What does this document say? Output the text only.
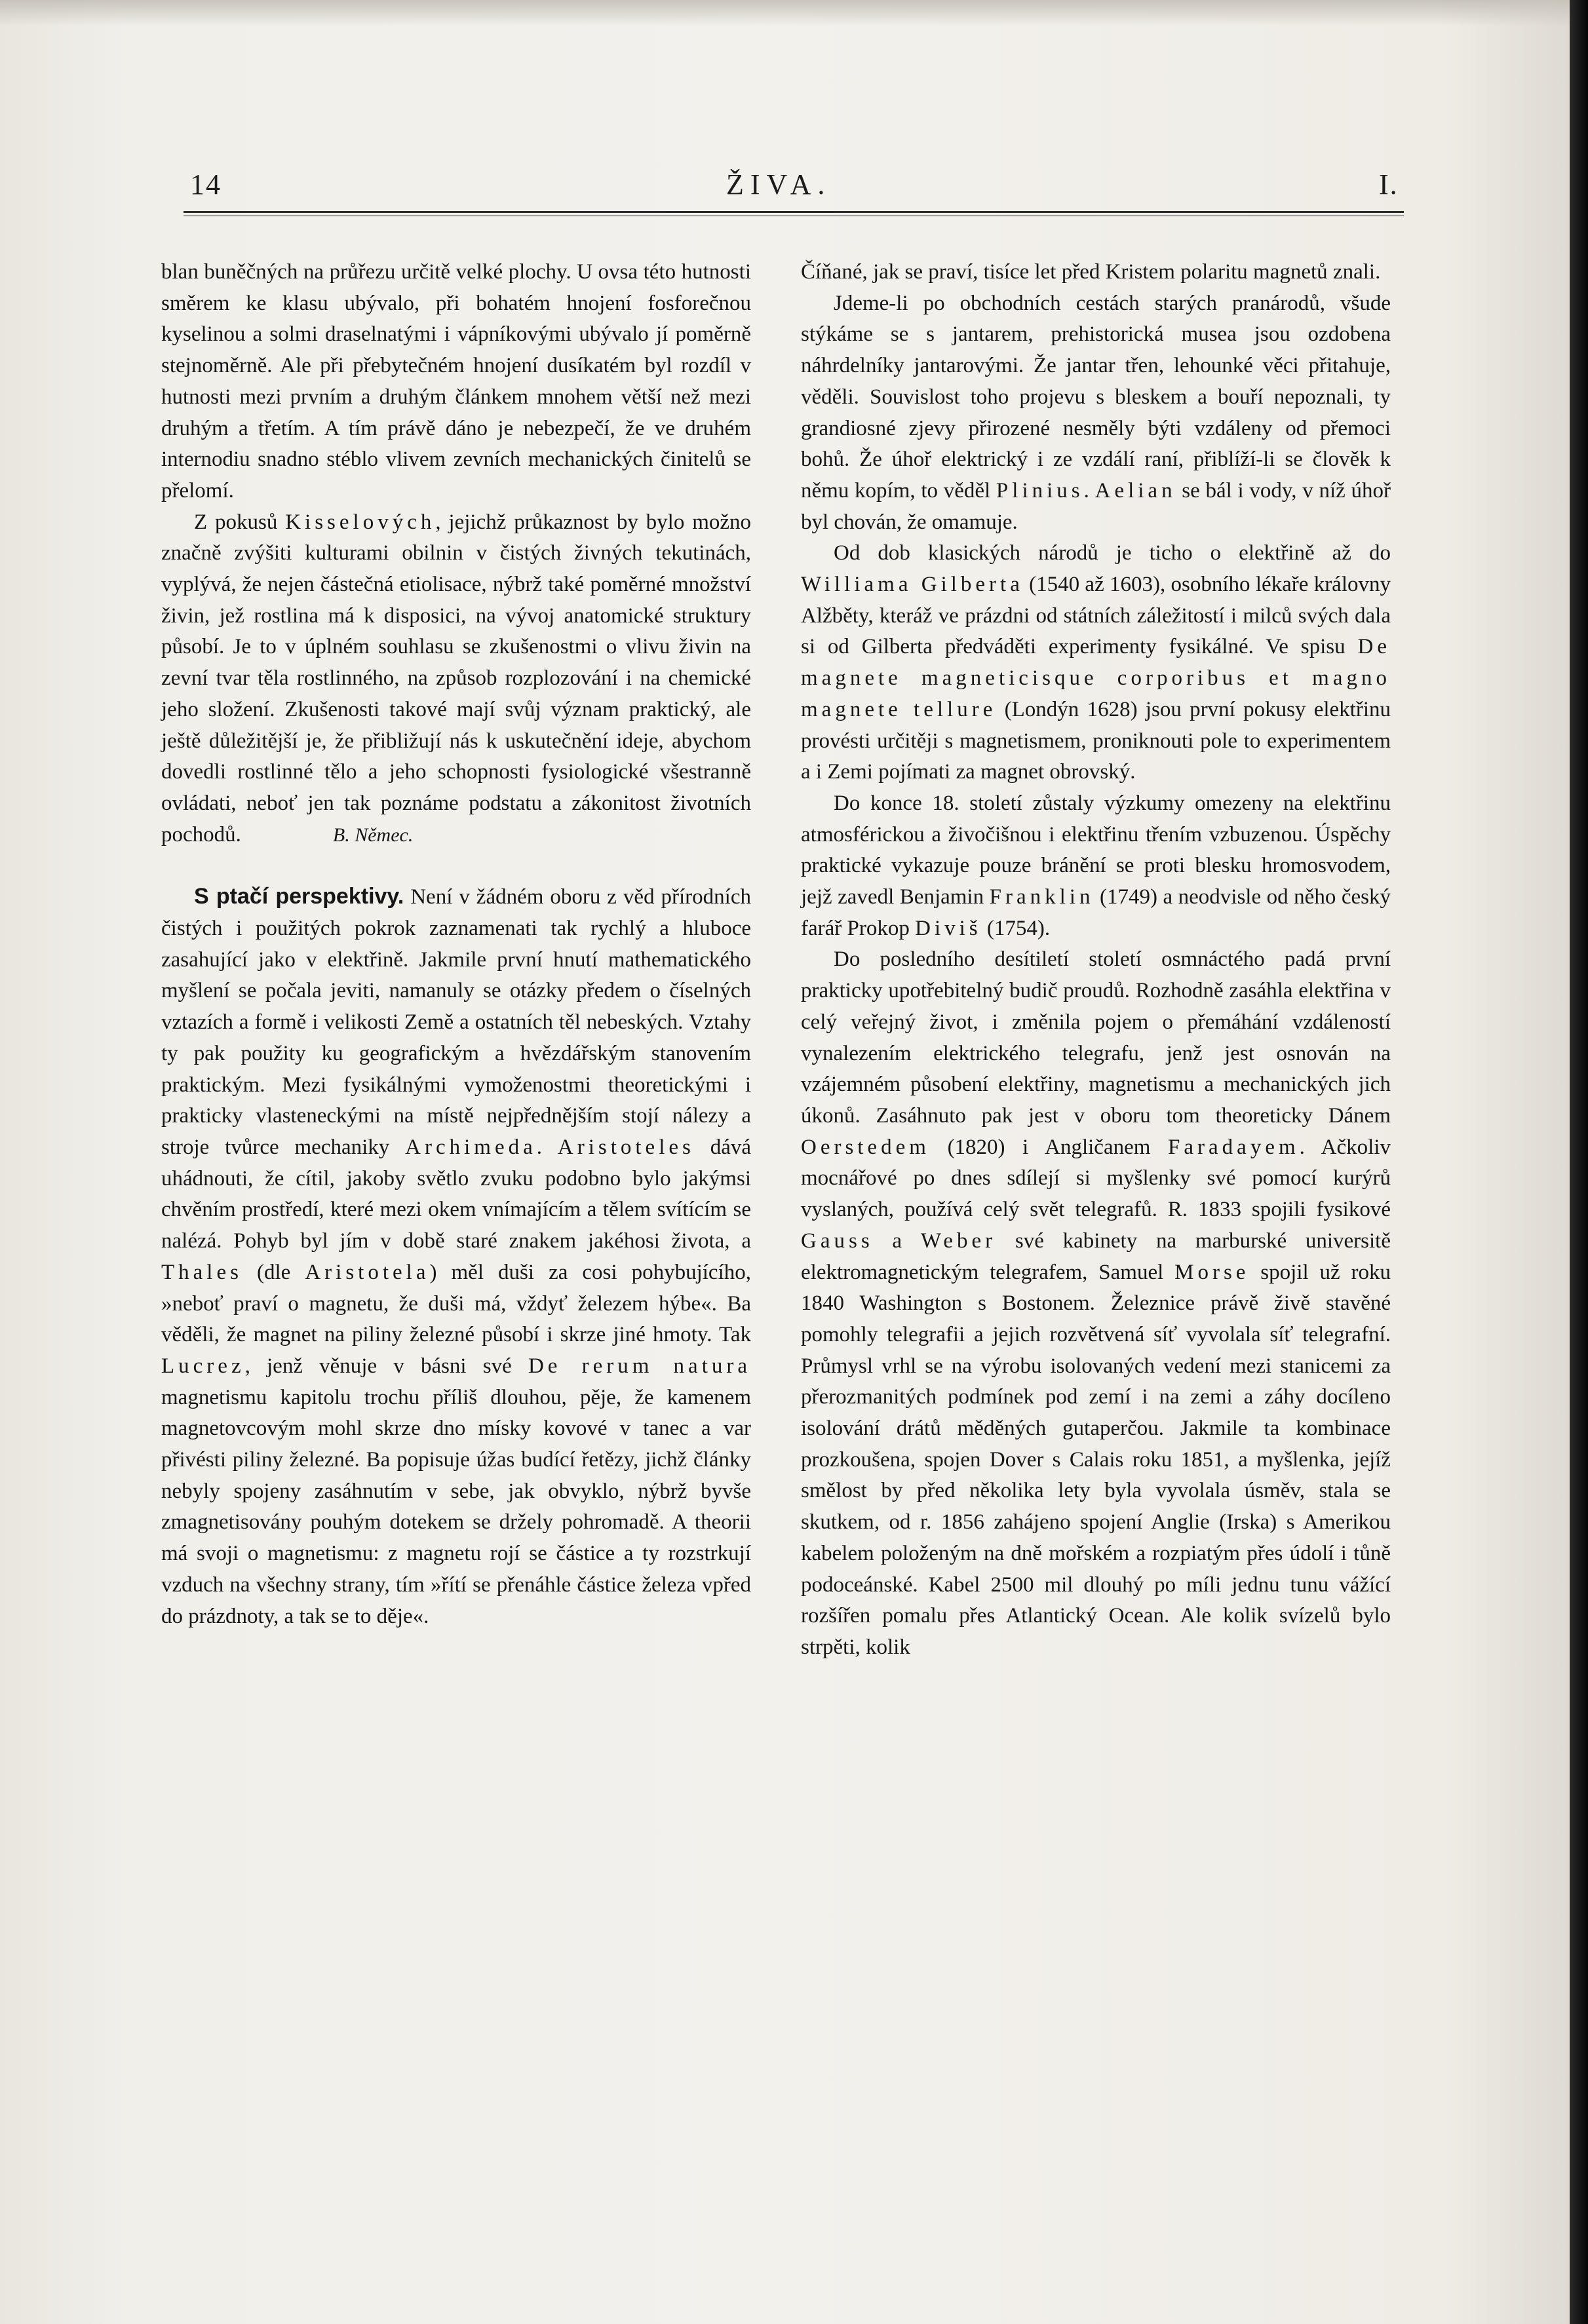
14	ŽIVA.	I.

blan buněčných na průřezu určitě velké plochy. U ovsa této hutnosti směrem ke klasu ubývalo, při bohatém hnojení fosforečnou kyselinou a solmi draselnatými i vápníkovými ubývalo jí poměrně stejnoměrně. Ale při přebytečném hnojení dusíkatém byl rozdíl v hutnosti mezi prvním a druhým článkem mnohem větší než mezi druhým a třetím. A tím právě dáno je nebezpečí, že ve druhém internodiu snadno stéblo vlivem zevních mechanických činitelů se přelomí.

Z pokusů Kisselových, jejichž průkaznost by bylo možno značně zvýšiti kulturami obilnin v čistých živných tekutinách, vyplývá, že nejen částečná etiolisace, nýbrž také poměrné množství živin, jež rostlina má k disposici, na vývoj anatomické struktury působí. Je to v úplném souhlasu se zkušenostmi o vlivu živin na zevní tvar těla rostlinného, na způsob rozplozování i na chemické jeho složení. Zkušenosti takové mají svůj význam praktický, ale ještě důležitější je, že přibližují nás k uskutečnění ideje, abychom dovedli rostlinné tělo a jeho schopnosti fysiologické všestranně ovládati, neboť jen tak poznáme podstatu a zákonitost životních pochodů.	B. Němec.

S ptačí perspektivy. Není v žádném oboru z věd přírodních čistých i použitých pokrok zaznamenati tak rychlý a hluboce zasahující jako v elektřině. Jakmile první hnutí mathematického myšlení se počala jeviti, namanuly se otázky předem o číselných vztazích a formě i velikosti Země a ostatních těl nebeských. Vztahy ty pak použity ku geografickým a hvězdářským stanovením praktickým. Mezi fysikálnými vymoženostmi theoretickými i prakticky vlasteneckými na místě nejpřednějším stojí nálezy a stroje tvůrce mechaniky Archimeda. Aristoteles dává uhádnouti, že cítil, jakoby světlo zvuku podobno bylo jakýmsi chvěním prostředí, které mezi okem vnímajícím a tělem svítícím se nalézá. Pohyb byl jím v době staré znakem jakéhosi života, a Thales (dle Aristotela) měl duši za cosi pohybujícího, »neboť praví o magnetu, že duši má, vždyť železem hýbe«. Ba věděli, že magnet na piliny železné působí i skrze jiné hmoty. Tak Lucrez, jenž věnuje v básni své De rerum natura magnetismu kapitolu trochu příliš dlouhou, pěje, že kamenem magnetovcovým mohl skrze dno mísky kovové v tanec a var přivésti piliny železné. Ba popisuje úžas budící řetězy, jichž články nebyly spojeny zasáhnutím v sebe, jak obvyklo, nýbrž byvše zmagnetisovány pouhým dotekem se držely pohromadě. A theorii má svoji o magnetismu: z magnetu rojí se částice a ty rozstrkují vzduch na všechny strany, tím »řítí se přenáhle částice železa vpřed do prázdnoty, a tak se to děje«.

Číňané, jak se praví, tisíce let před Kristem polaritu magnetů znali.

Jdeme-li po obchodních cestách starých pranárodů, všude stýkáme se s jantarem, prehistorická musea jsou ozdobena náhrdelníky jantarovými. Že jantar třen, lehounké věci přitahuje, věděli. Souvislost toho projevu s bleskem a bouří nepoznali, ty grandiosné zjevy přirozené nesměly býti vzdáleny od přemoci bohů. Že úhoř elektrický i ze vzdálí raní, přiblíží-li se člověk k němu kopím, to věděl Plinius. Aelian se bál i vody, v níž úhoř byl chován, že omamuje.

Od dob klasických národů je ticho o elektřině až do Williama Gilberta (1540 až 1603), osobního lékaře královny Alžběty, kteráž ve prázdni od státních záležitostí i milců svých dala si od Gilberta předváděti experimenty fysikálné. Ve spisu De magnete magneticisque corporibus et magno magnete tellure (Londýn 1628) jsou první pokusy elektřinu provésti určitěji s magnetismem, proniknouti pole to experimentem a i Zemi pojímati za magnet obrovský.

Do konce 18. století zůstaly výzkumy omezeny na elektřinu atmosférickou a živočišnou i elektřinu třením vzbuzenou. Úspěchy praktické vykazuje pouze bránění se proti blesku hromosvodem, jejž zavedl Benjamin Franklin (1749) a neodvisle od něho český farář Prokop Diviš (1754).

Do posledního desítiletí století osmnáctého padá první prakticky upotřebitelný budič proudů. Rozhodně zasáhla elektřina v celý veřejný život, i změnila pojem o přemáhání vzdáleností vynalezením elektrického telegrafu, jenž jest osnován na vzájemném působení elektřiny, magnetismu a mechanických jich úkonů. Zasáhnuto pak jest v oboru tom theoreticky Dánem Oerstedem (1820) i Angličanem Faradayem. Ačkoliv mocnářové po dnes sdílejí si myšlenky své pomocí kurýrů vyslaných, používá celý svět telegrafů. R. 1833 spojili fysikové Gauss a Weber své kabinety na marburské universitě elektromagnetickým telegrafem, Samuel Morse spojil už roku 1840 Washington s Bostonem. Železnice právě živě stavěné pomohly telegrafii a jejich rozvětvená síť vyvolala síť telegrafní. Průmysl vrhl se na výrobu isolovaných vedení mezi stanicemi za přerozmanitých podmínek pod zemí i na zemi a záhy docíleno isolování drátů měděných gutaperčou. Jakmile ta kombinace prozkoušena, spojen Dover s Calais roku 1851, a myšlenka, jejíž smělost by před několika lety byla vyvolala úsměv, stala se skutkem, od r. 1856 zahájeno spojení Anglie (Irska) s Amerikou kabelem položeným na dně mořském a rozpiatým přes údolí i tůně podoceánské. Kabel 2500 mil dlouhý po míli jednu tunu vážící rozšířen pomalu přes Atlantický Ocean. Ale kolik svízelů bylo strpěti, kolik
